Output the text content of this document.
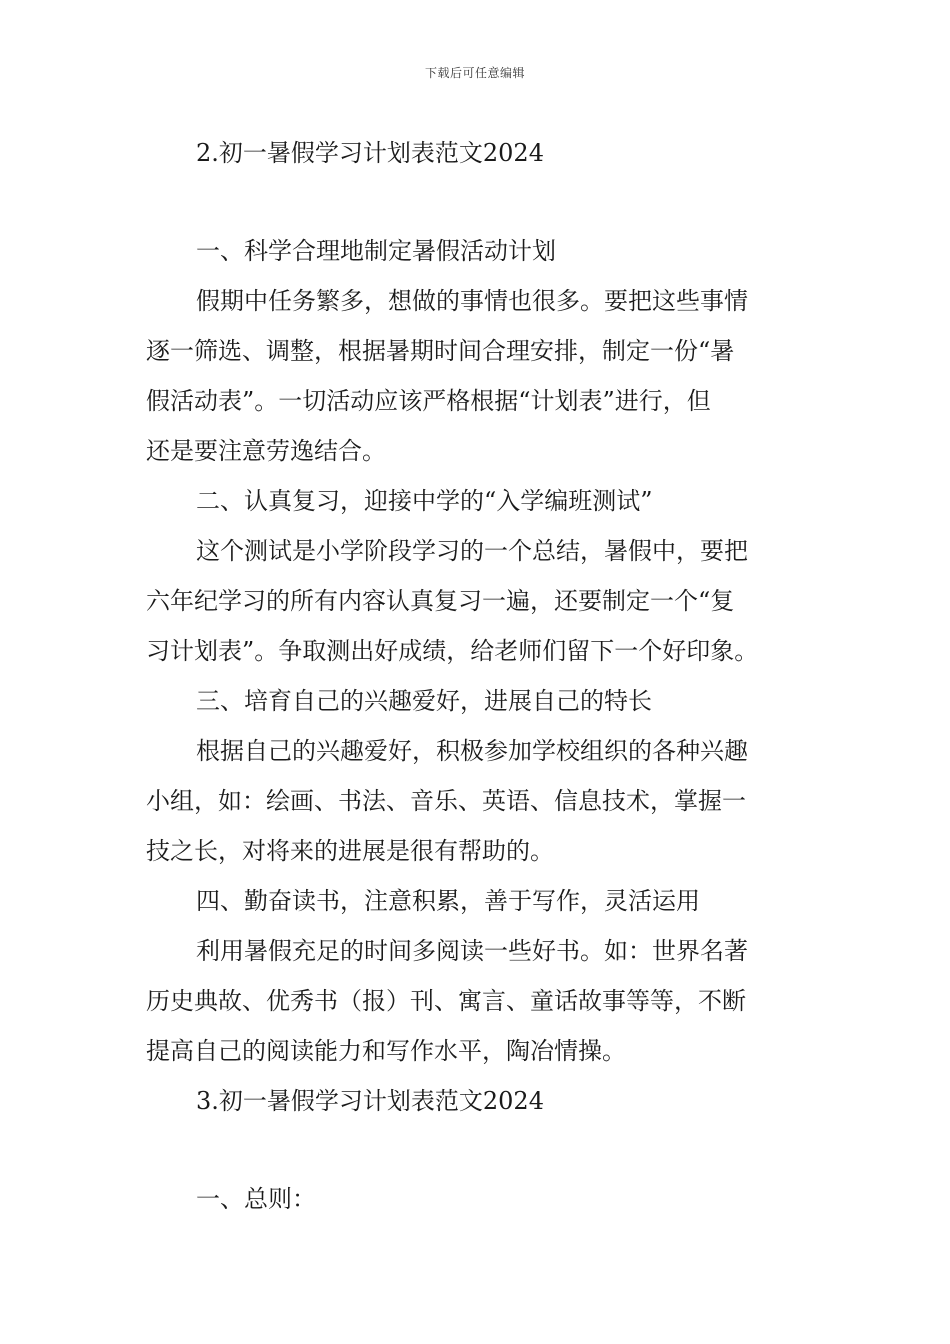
下载后可任意编辑
2.初一暑假学习计划表范文2024
一、科学合理地制定暑假活动计划
假期中任务繁多，想做的事情也很多。要把这些事情
逐一筛选、调整，根据暑期时间合理安排，制定一份“暑
假活动表”。一切活动应该严格根据“计划表”进行，但
还是要注意劳逸结合。
二、认真复习，迎接中学的“入学编班测试”
这个测试是小学阶段学习的一个总结，暑假中，要把
六年纪学习的所有内容认真复习一遍，还要制定一个“复
习计划表”。争取测出好成绩，给老师们留下一个好印象。
三、培育自己的兴趣爱好，进展自己的特长
根据自己的兴趣爱好，积极参加学校组织的各种兴趣
小组，如：绘画、书法、音乐、英语、信息技术，掌握一
技之长，对将来的进展是很有帮助的。
四、勤奋读书，注意积累，善于写作，灵活运用
利用暑假充足的时间多阅读一些好书。如：世界名著
历史典故、优秀书（报）刊、寓言、童话故事等等，不断
提高自己的阅读能力和写作水平，陶冶情操。
3.初一暑假学习计划表范文2024
一、总则：
